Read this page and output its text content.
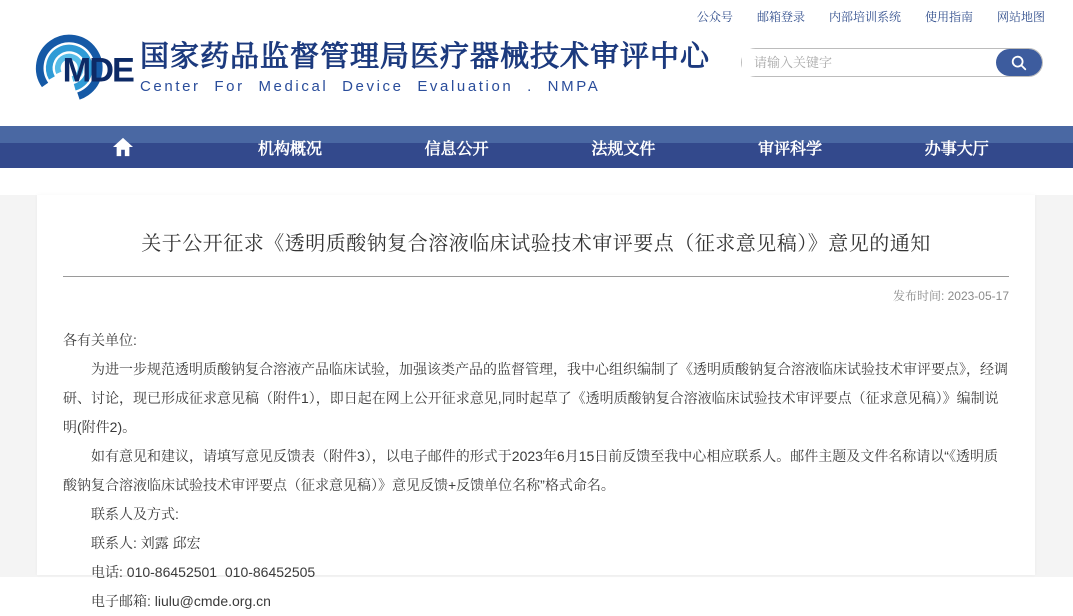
公众号 邮箱登录 内部培训系统 使用指南 网站地图
MDE 国家药品监督管理局医疗器械技术审评中心
Center For Medical Device Evaluation . NMPA
请输入关键字
机构概况	信息公开	法规文件	审评科学	办事大厅
关于公开征求《透明质酸钠复合溶液临床试验技术审评要点（征求意见稿）》意见的通知
发布时间: 2023-05-17

各有关单位:

为进一步规范透明质酸钠复合溶液产品临床试验，加强该类产品的监督管理，我中心组织编制了《透明质酸钠复合溶液临床试验技术审评要点》，经调研、讨论，现已形成征求意见稿（附件1），即日起在网上公开征求意见,同时起草了《透明质酸钠复合溶液临床试验技术审评要点（征求意见稿）》编制说明(附件2)。

如有意见和建议，请填写意见反馈表（附件3），以电子邮件的形式于2023年6月15日前反馈至我中心相应联系人。邮件主题及文件名称请以“《透明质酸钠复合溶液临床试验技术审评要点（征求意见稿）》意见反馈+反馈单位名称”格式命名。

联系人及方式:

联系人: 刘露 邱宏

电话: 010-86452501  010-86452505

电子邮箱: liulu@cmde.org.cn
